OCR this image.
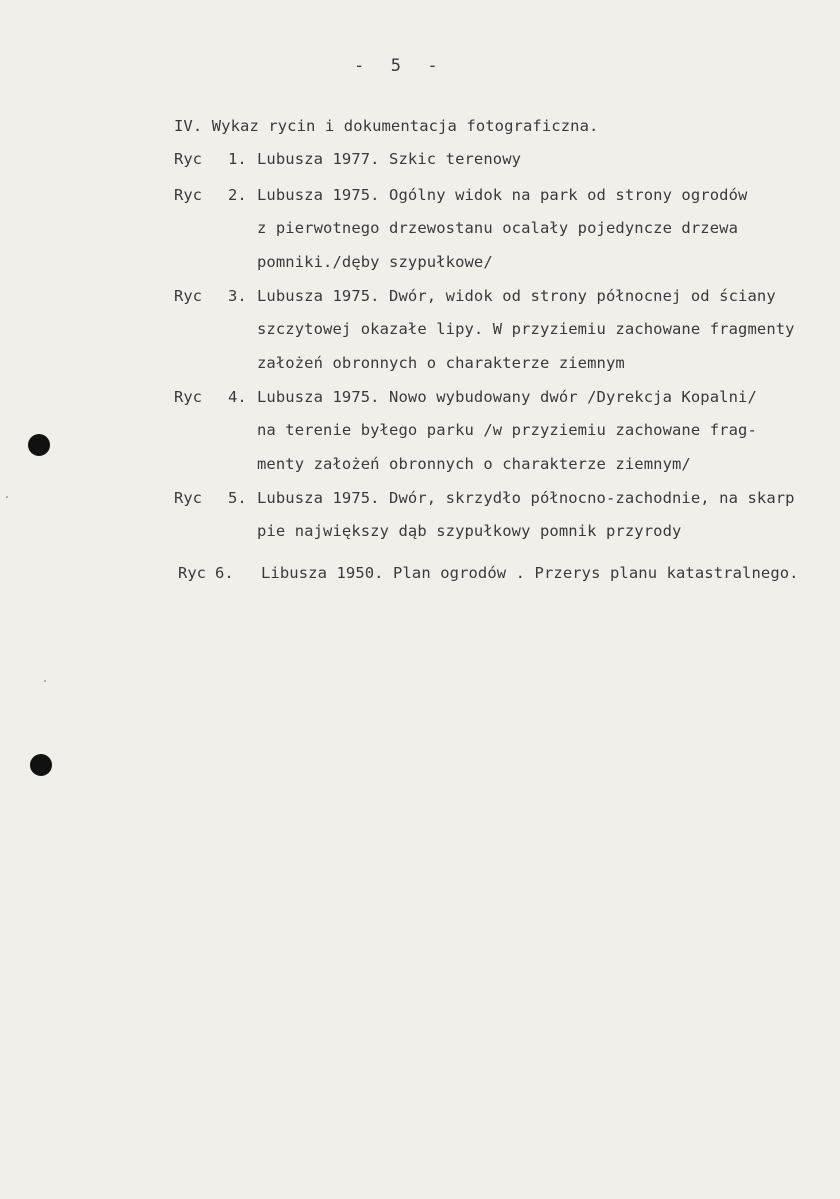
-  5  -
IV. Wykaz rycin i dokumentacja fotograficzna.
Ryc 1. Lubusza 1977. Szkic terenowy
Ryc 2. Lubusza 1975. Ogólny widok na park od strony ogrodów
z pierwotnego drzewostanu ocalały pojedyncze drzewa
pomniki./dęby szypułkowe/
Ryc 3. Lubusza 1975. Dwór, widok od strony północnej od ściany
szczytowej okazałe lipy. W przyziemiu zachowane fragmenty
założeń obronnych o charakterze ziemnym
Ryc 4. Lubusza 1975. Nowo wybudowany dwór /Dyrekcja Kopalni/
na terenie byłego parku /w przyziemiu zachowane frag-
menty założeń obronnych o charakterze ziemnym/
Ryc 5. Lubusza 1975. Dwór, skrzydło północno-zachodnie, na skarp
pie największy dąb szypułkowy pomnik przyrody
Ryc 6. Libusza 1950. Plan ogrodów . Przerys planu katastralnego.
